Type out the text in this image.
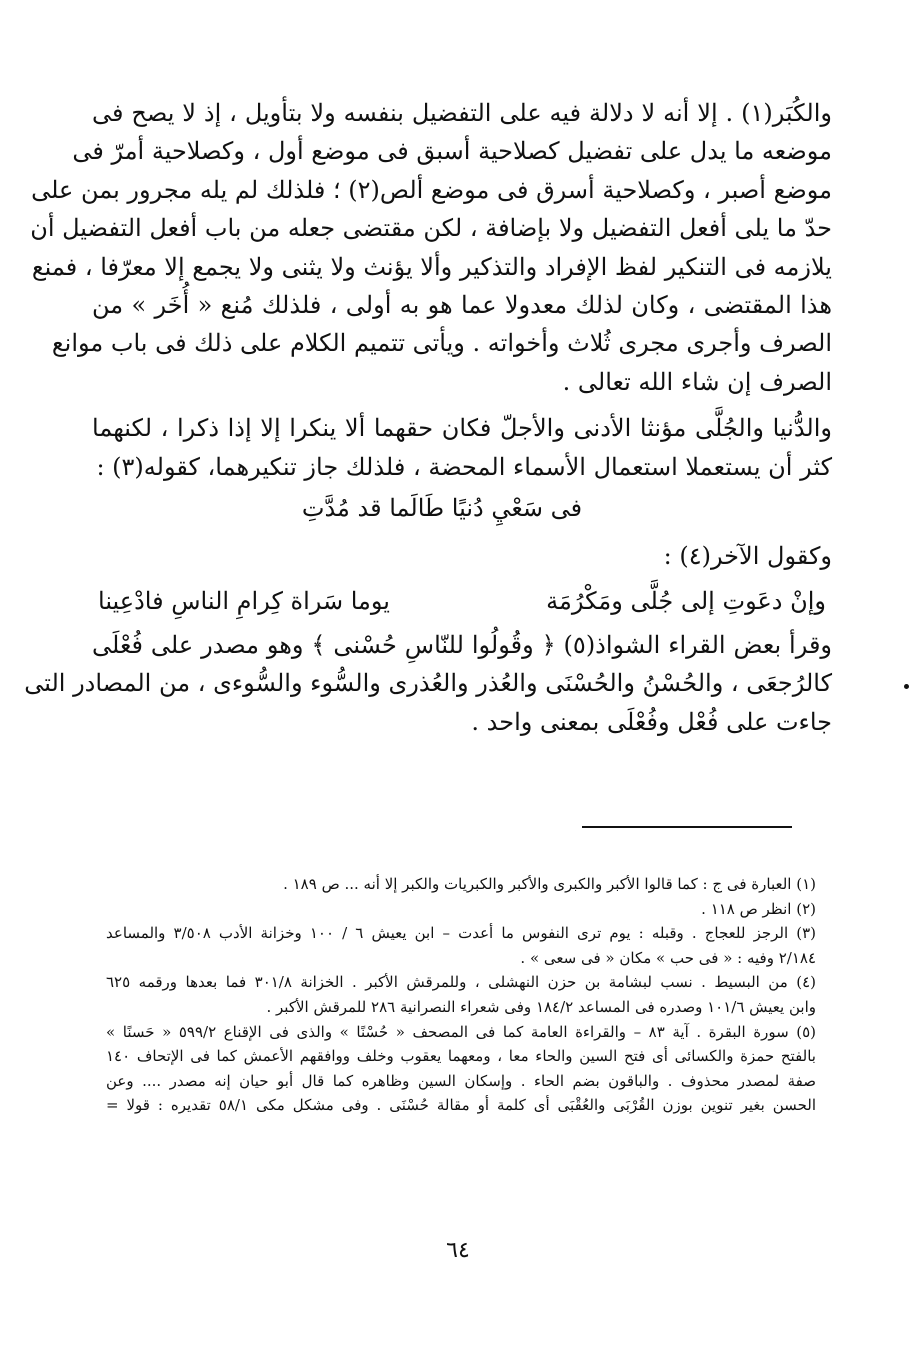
والكُبَر(١) . إلا أنه لا دلالة فيه على التفضيل بنفسه ولا بتأويل ، إذ لا يصح فى
موضعه ما يدل على تفضيل كصلاحية أسبق فى موضع أول ، وكصلاحية أمرّ فى
موضع أصبر ، وكصلاحية أسرق فى موضع ألص(٢) ؛ فلذلك لم يله مجرور بمن على
حدّ ما يلى أفعل التفضيل ولا بإضافة ، لكن مقتضى جعله من باب أفعل التفضيل أن
يلازمه فى التنكير لفظ الإفراد والتذكير وألا يؤنث ولا يثنى ولا يجمع إلا معرّفا ، فمنع
هذا المقتضى ، وكان لذلك معدولا عما هو به أولى ، فلذلك مُنع « أُخَر » من
الصرف وأجرى مجرى ثُلاث وأخواته . ويأتى تتميم الكلام على ذلك فى باب موانع
الصرف إن شاء الله تعالى .
والدُّنيا والجُلَّى مؤنثا الأدنى والأجلّ فكان حقهما ألا ينكرا إلا إذا ذكرا ، لكنهما
كثر أن يستعملا استعمال الأسماء المحضة ، فلذلك جاز تنكيرهما، كقوله(٣) :
فى سَعْيِ دُنيًا طَالَما قد مُدَّتِ
وكقول الآخر(٤) :
وإنْ دعَوتِ إلى جُلَّى ومَكْرُمَة
يوما سَراة كِرامِ الناسِ فادْعِينا
وقرأ بعض القراء الشواذ(٥) ﴿ وقُولُوا للنّاسِ حُسْنى ﴾ وهو مصدر على فُعْلَى
كالرُجعَى ، والحُسْنُ والحُسْنَى والعُذر والعُذرى والسُّوء والسُّوءى ، من المصادر التى
جاءت على فُعْل وفُعْلَى بمعنى واحد .
(١) العبارة فى ج : كما قالوا الأكبر والكبرى والأكبر والكبريات والكبر إلا أنه ... ص ١٨٩ .
(٢) انظر ص ١١٨ .
(٣) الرجز للعجاج . وقبله : يوم ترى النفوس ما أعدت – ابن يعيش ٦ / ١٠٠ وخزانة الأدب ٣/٥٠٨ والمساعد
٢/١٨٤ وفيه : « فى حب » مكان « فى سعى » .
(٤) من البسيط . نسب لبشامة بن حزن النهشلى ، وللمرقش الأكبر . الخزانة ٣٠١/٨ فما بعدها ورقمه ٦٢٥
وابن يعيش ١٠١/٦ وصدره فى المساعد ١٨٤/٢ وفى شعراء النصرانية ٢٨٦ للمرقش الأكبر .
(٥) سورة البقرة . آية ٨٣ – والقراءة العامة كما فى المصحف « حُسْنًا » والذى فى الإقناع ٥٩٩/٢ « حَسنًا »
بالفتح حمزة والكسائى أى فتح السين والحاء معا ، ومعهما يعقوب وخلف ووافقهم الأعمش كما فى الإتحاف ١٤٠
صفة لمصدر محذوف . والباقون بضم الحاء . وإسكان السين وظاهره كما قال أبو حيان إنه مصدر .... وعن
الحسن بغير تنوين بوزن القُرْبَى والعُقْبَى أى كلمة أو مقالة حُسْنَى . وفى مشكل مكى ٥٨/١ تقديره : قولا =
٦٤
